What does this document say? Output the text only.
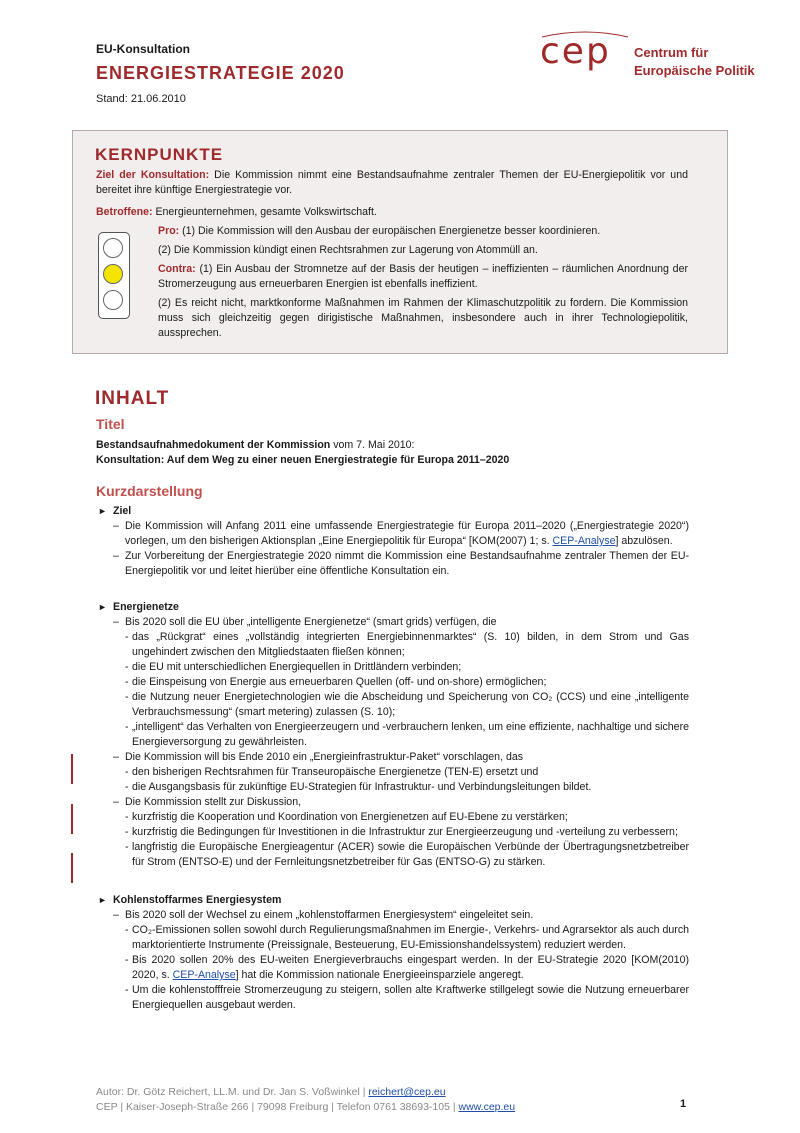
EU-Konsultation
ENERGIESTRATEGIE 2020
Stand: 21.06.2010
cep Centrum für
Europäische Politik
KERNPUNKTE
Ziel der Konsultation: Die Kommission nimmt eine Bestandsaufnahme zentraler Themen der EU-Energiepolitik vor und bereitet ihre künftige Energiestrategie vor.
Betroffene: Energieunternehmen, gesamte Volkswirtschaft.
Pro: (1) Die Kommission will den Ausbau der europäischen Energienetze besser koordinieren.
(2) Die Kommission kündigt einen Rechtsrahmen zur Lagerung von Atommüll an.
Contra: (1) Ein Ausbau der Stromnetze auf der Basis der heutigen – ineffizienten – räumlichen Anordnung der Stromerzeugung aus erneuerbaren Energien ist ebenfalls ineffizient.
(2) Es reicht nicht, marktkonforme Maßnahmen im Rahmen der Klimaschutzpolitik zu fordern. Die Kommission muss sich gleichzeitig gegen dirigistische Maßnahmen, insbesondere auch in ihrer Technologiepolitik, aussprechen.
INHALT
Titel
Bestandsaufnahmedokument der Kommission vom 7. Mai 2010:
Konsultation: Auf dem Weg zu einer neuen Energiestrategie für Europa 2011–2020
Kurzdarstellung
► Ziel
– Die Kommission will Anfang 2011 eine umfassende Energiestrategie für Europa 2011–2020 („Energiestrategie 2020“) vorlegen, um den bisherigen Aktionsplan „Eine Energiepolitik für Europa“ [KOM(2007) 1; s. CEP-Analyse] abzulösen.
– Zur Vorbereitung der Energiestrategie 2020 nimmt die Kommission eine Bestandsaufnahme zentraler Themen der EU-Energiepolitik vor und leitet hierüber eine öffentliche Konsultation ein.
► Energienetze
– Bis 2020 soll die EU über „intelligente Energienetze“ (smart grids) verfügen, die
- das „Rückgrat“ eines „vollständig integrierten Energiebinnenmarktes“ (S. 10) bilden, in dem Strom und Gas ungehindert zwischen den Mitgliedstaaten fließen können;
- die EU mit unterschiedlichen Energiequellen in Drittländern verbinden;
- die Einspeisung von Energie aus erneuerbaren Quellen (off- und on-shore) ermöglichen;
- die Nutzung neuer Energietechnologien wie die Abscheidung und Speicherung von CO₂ (CCS) und eine „intelligente Verbrauchsmessung“ (smart metering) zulassen (S. 10);
- „intelligent“ das Verhalten von Energieerzeugern und -verbrauchern lenken, um eine effiziente, nachhaltige und sichere Energieversorgung zu gewährleisten.
– Die Kommission will bis Ende 2010 ein „Energieinfrastruktur-Paket“ vorschlagen, das
- den bisherigen Rechtsrahmen für Transeuropäische Energienetze (TEN-E) ersetzt und
- die Ausgangsbasis für zukünftige EU-Strategien für Infrastruktur- und Verbindungsleitungen bildet.
– Die Kommission stellt zur Diskussion,
- kurzfristig die Kooperation und Koordination von Energienetzen auf EU-Ebene zu verstärken;
- kurzfristig die Bedingungen für Investitionen in die Infrastruktur zur Energieerzeugung und -verteilung zu verbessern;
- langfristig die Europäische Energieagentur (ACER) sowie die Europäischen Verbünde der Übertragungsnetzbetreiber für Strom (ENTSO-E) und der Fernleitungsnetzbetreiber für Gas (ENTSO-G) zu stärken.
► Kohlenstoffarmes Energiesystem
– Bis 2020 soll der Wechsel zu einem „kohlenstoffarmen Energiesystem“ eingeleitet sein.
- CO₂-Emissionen sollen sowohl durch Regulierungsmaßnahmen im Energie-, Verkehrs- und Agrarsektor als auch durch marktorientierte Instrumente (Preissignale, Besteuerung, EU-Emissionshandelssystem) reduziert werden.
- Bis 2020 sollen 20% des EU-weiten Energieverbrauchs eingespart werden. In der EU-Strategie 2020 [KOM(2010) 2020, s. CEP-Analyse] hat die Kommission nationale Energieeinsparziele angeregt.
- Um die kohlenstofffreie Stromerzeugung zu steigern, sollen alte Kraftwerke stillgelegt sowie die Nutzung erneuerbarer Energiequellen ausgebaut werden.
Autor: Dr. Götz Reichert, LL.M. und Dr. Jan S. Voßwinkel | reichert@cep.eu
CEP | Kaiser-Joseph-Straße 266 | 79098 Freiburg | Telefon 0761 38693-105 | www.cep.eu	1
